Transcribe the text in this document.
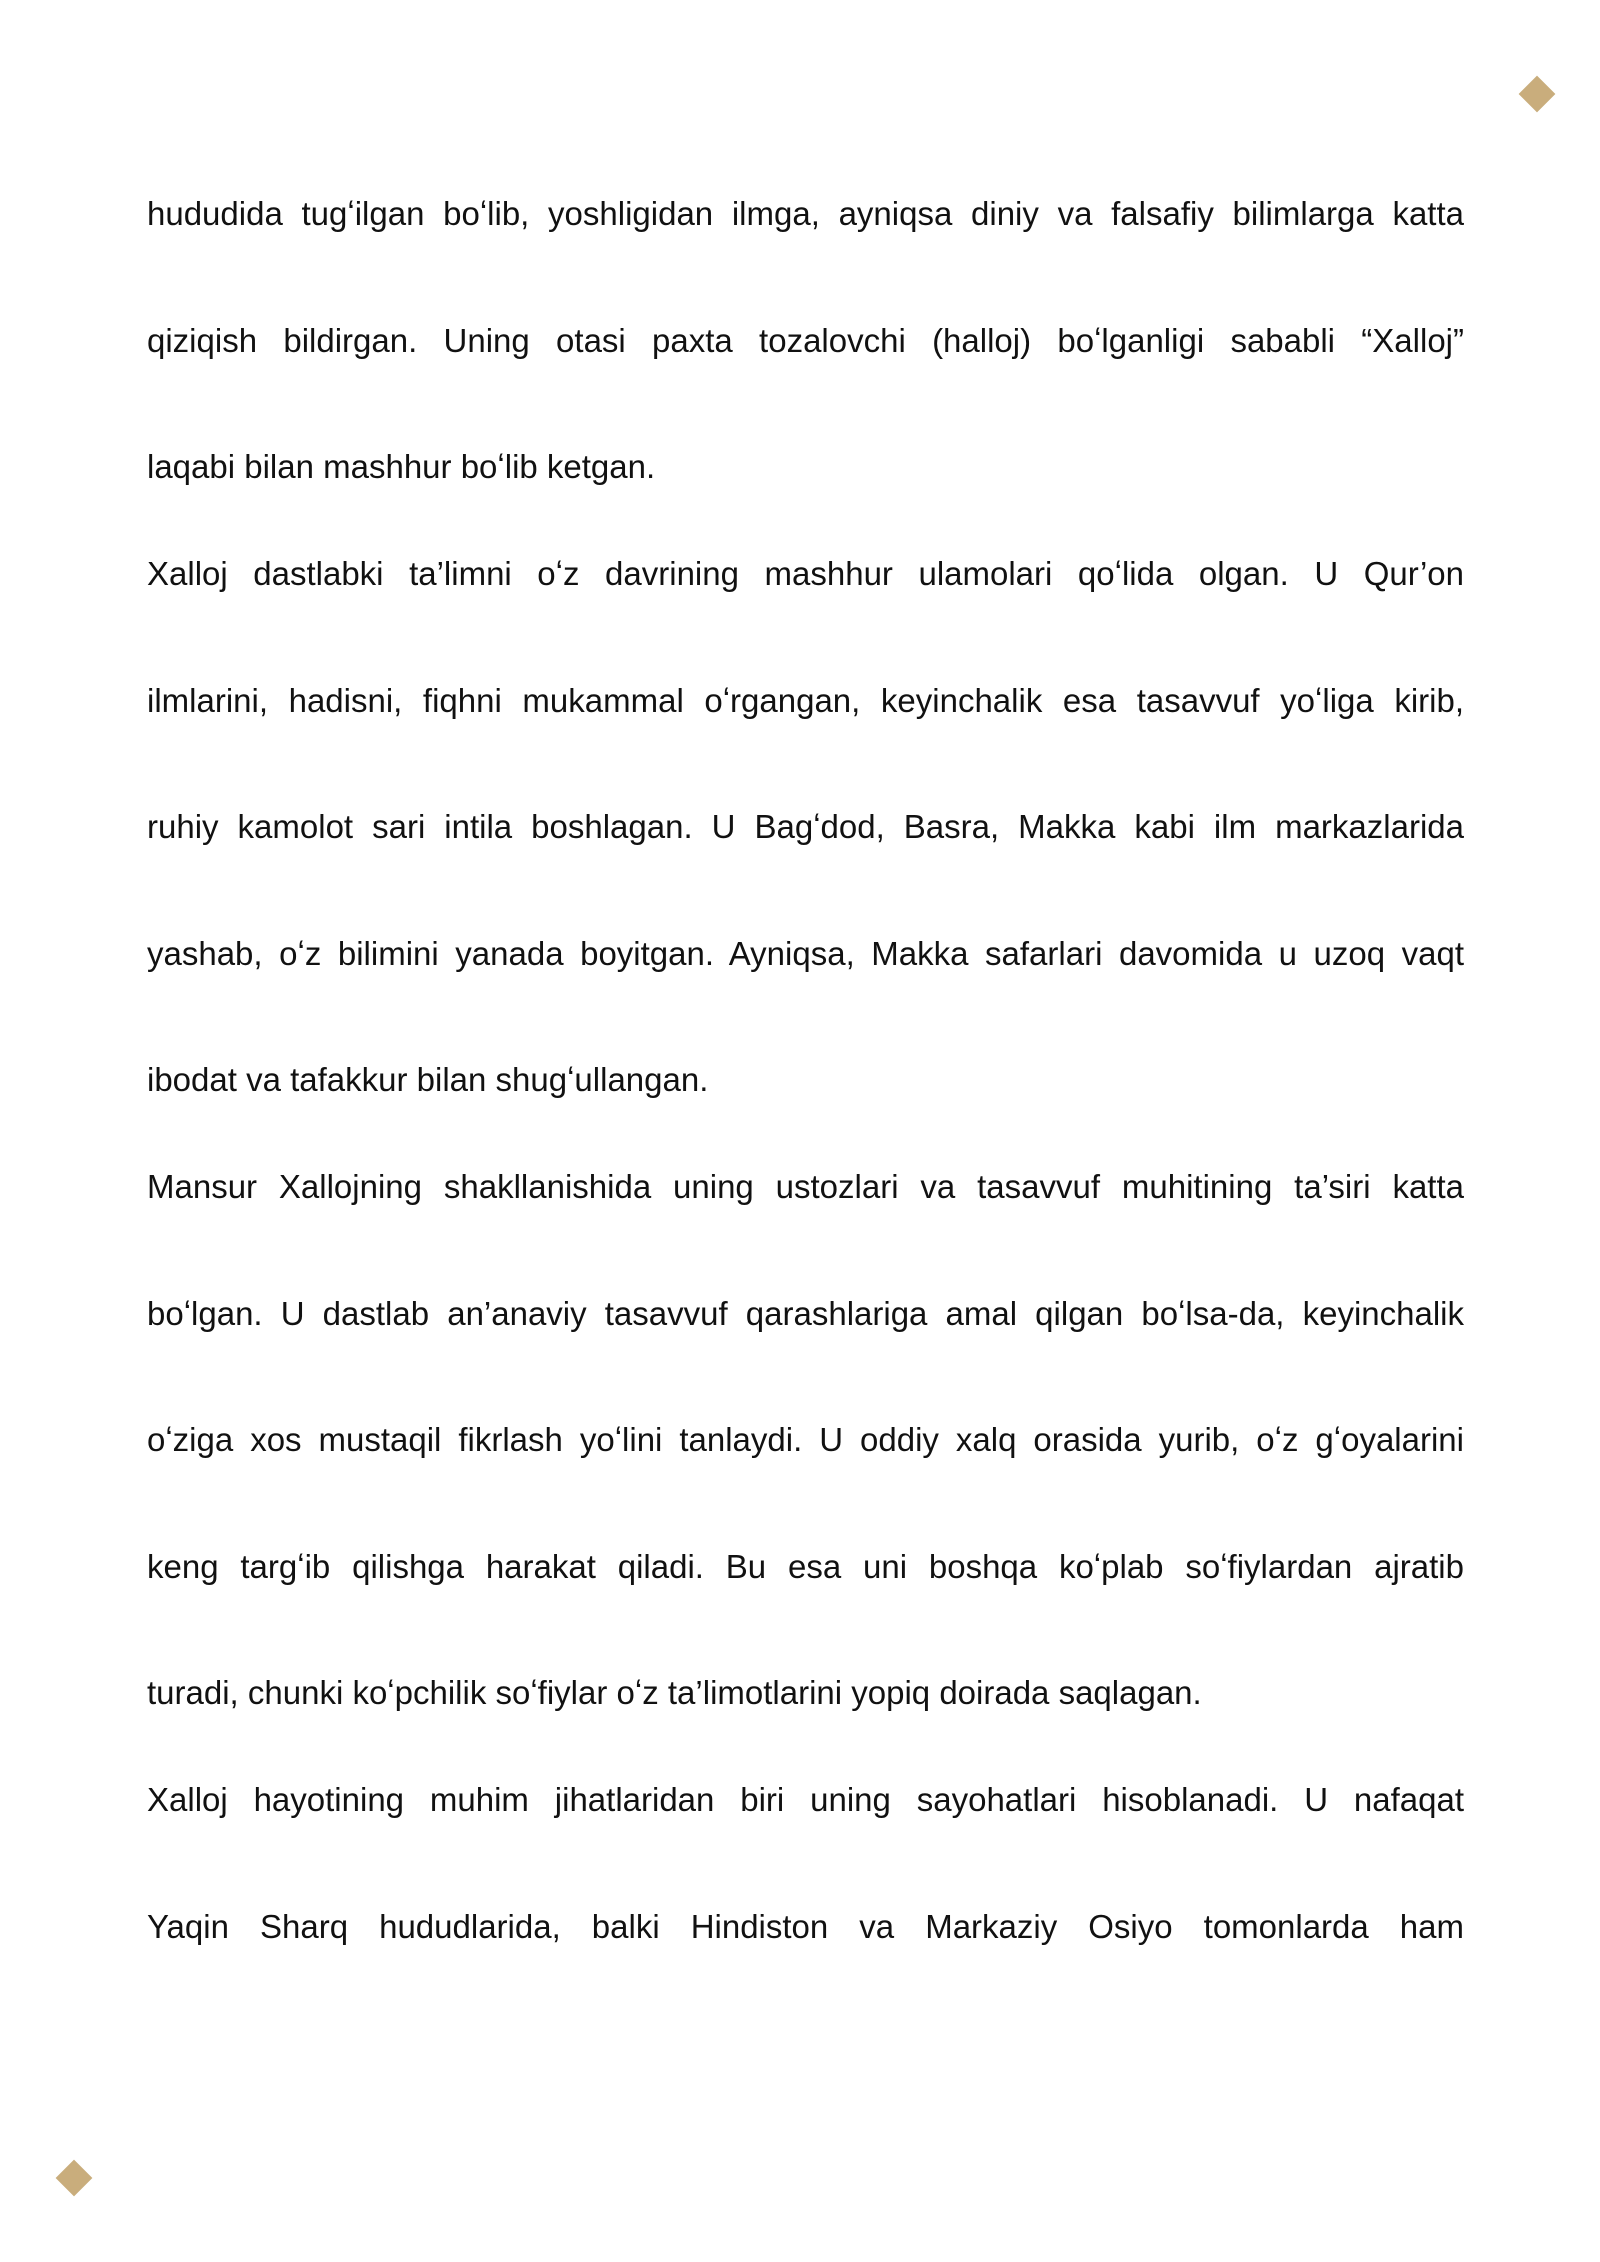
hududida tugʻilgan boʻlib, yoshligidan ilmga, ayniqsa diniy va falsafiy bilimlarga katta
qiziqish bildirgan. Uning otasi paxta tozalovchi (halloj) boʻlganligi sababli “Xalloj”
laqabi bilan mashhur boʻlib ketgan.
Xalloj dastlabki ta’limni oʻz davrining mashhur ulamolari qoʻlida olgan. U Qur’on
ilmlarini, hadisni, fiqhni mukammal oʻrgangan, keyinchalik esa tasavvuf yoʻliga kirib,
ruhiy kamolot sari intila boshlagan. U Bagʻdod, Basra, Makka kabi ilm markazlarida
yashab, oʻz bilimini yanada boyitgan. Ayniqsa, Makka safarlari davomida u uzoq vaqt
ibodat va tafakkur bilan shugʻullangan.
Mansur Xallojning shakllanishida uning ustozlari va tasavvuf muhitining ta’siri katta
boʻlgan. U dastlab an’anaviy tasavvuf qarashlariga amal qilgan boʻlsa-da, keyinchalik
oʻziga xos mustaqil fikrlash yoʻlini tanlaydi. U oddiy xalq orasida yurib, oʻz gʻoyalarini
keng targʻib qilishga harakat qiladi. Bu esa uni boshqa koʻplab soʻfiylardan ajratib
turadi, chunki koʻpchilik soʻfiylar oʻz ta’limotlarini yopiq doirada saqlagan.
Xalloj hayotining muhim jihatlaridan biri uning sayohatlari hisoblanadi. U nafaqat
Yaqin Sharq hududlarida, balki Hindiston va Markaziy Osiyo tomonlarda ham
